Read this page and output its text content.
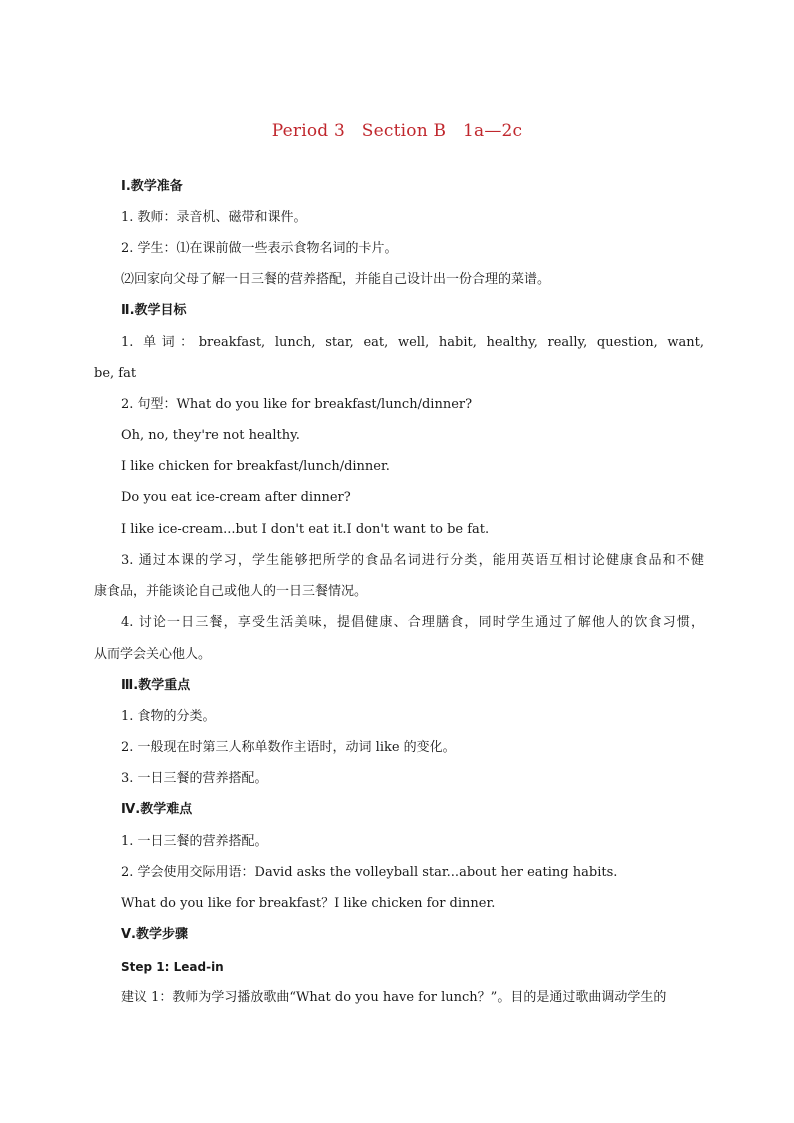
Period 3   Section B   1a—2c
Ⅰ.教学准备
1. 教师：录音机、磁带和课件。
2. 学生：⑴在课前做一些表示食物名词的卡片。
⑵回家向父母了解一日三餐的营养搭配，并能自己设计出一份合理的菜谱。
Ⅱ.教学目标
1. 单词：breakfast, lunch, star, eat, well, habit, healthy, really, question, want,
be, fat
2. 句型：What do you like for breakfast/lunch/dinner?
Oh, no, they're not healthy.
I like chicken for breakfast/lunch/dinner.
Do you eat ice-cream after dinner?
I like ice-cream...but I don't eat it.I don't want to be fat.
3. 通过本课的学习，学生能够把所学的食品名词进行分类，能用英语互相讨论健康食品和不健
康食品，并能谈论自己或他人的一日三餐情况。
4. 讨论一日三餐，享受生活美味，提倡健康、合理膳食，同时学生通过了解他人的饮食习惯，
从而学会关心他人。
Ⅲ.教学重点
1. 食物的分类。
2. 一般现在时第三人称单数作主语时，动词 like 的变化。
3. 一日三餐的营养搭配。
Ⅳ.教学难点
1. 一日三餐的营养搭配。
2. 学会使用交际用语：David asks the volleyball star...about her eating habits.
What do you like for breakfast？I like chicken for dinner.
Ⅴ.教学步骤
Step 1: Lead-in
建议 1：教师为学习播放歌曲“What do you have for lunch？”。目的是通过歌曲调动学生的
